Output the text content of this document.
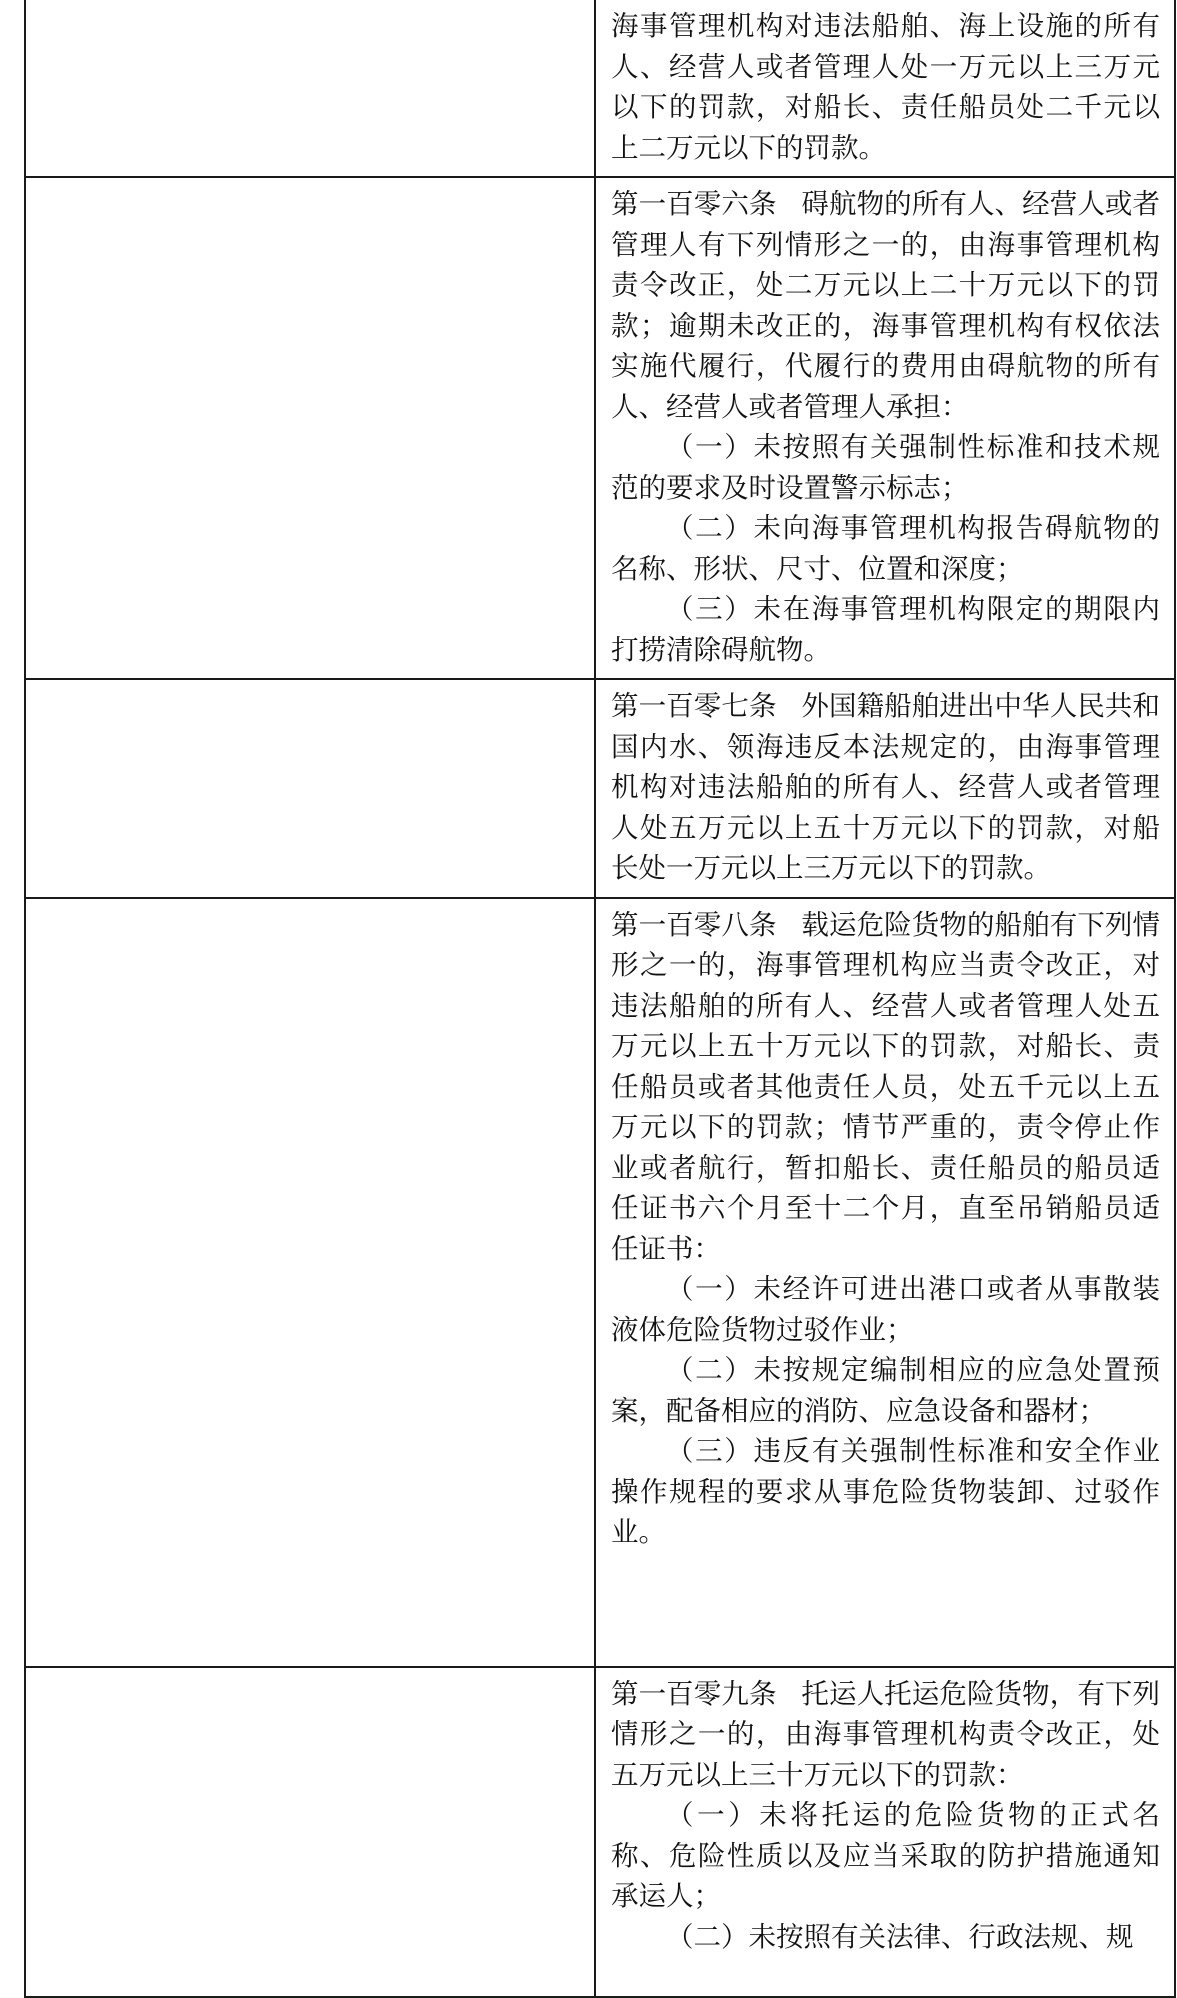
	海事管理机构对违法船舶、海上设施的所有人、经营人或者管理人处一万元以上三万元以下的罚款，对船长、责任船员处二千元以上二万元以下的罚款。

	第一百零六条 碍航物的所有人、经营人或者管理人有下列情形之一的，由海事管理机构责令改正，处二万元以上二十万元以下的罚款；逾期未改正的，海事管理机构有权依法实施代履行，代履行的费用由碍航物的所有人、经营人或者管理人承担：

（一）未按照有关强制性标准和技术规范的要求及时设置警示标志；

（二）未向海事管理机构报告碍航物的名称、形状、尺寸、位置和深度；

（三）未在海事管理机构限定的期限内打捞清除碍航物。

	第一百零七条 外国籍船舶进出中华人民共和国内水、领海违反本法规定的，由海事管理机构对违法船舶的所有人、经营人或者管理人处五万元以上五十万元以下的罚款，对船长处一万元以上三万元以下的罚款。

	第一百零八条 载运危险货物的船舶有下列情形之一的，海事管理机构应当责令改正，对违法船舶的所有人、经营人或者管理人处五万元以上五十万元以下的罚款，对船长、责任船员或者其他责任人员，处五千元以上五万元以下的罚款；情节严重的，责令停止作业或者航行，暂扣船长、责任船员的船员适任证书六个月至十二个月，直至吊销船员适任证书：

（一）未经许可进出港口或者从事散装液体危险货物过驳作业；

（二）未按规定编制相应的应急处置预案，配备相应的消防、应急设备和器材；

（三）违反有关强制性标准和安全作业操作规程的要求从事危险货物装卸、过驳作业。

	第一百零九条 托运人托运危险货物，有下列情形之一的，由海事管理机构责令改正，处五万元以上三十万元以下的罚款：

（一）未将托运的危险货物的正式名称、危险性质以及应当采取的防护措施通知承运人；

（二）未按照有关法律、行政法规、规
